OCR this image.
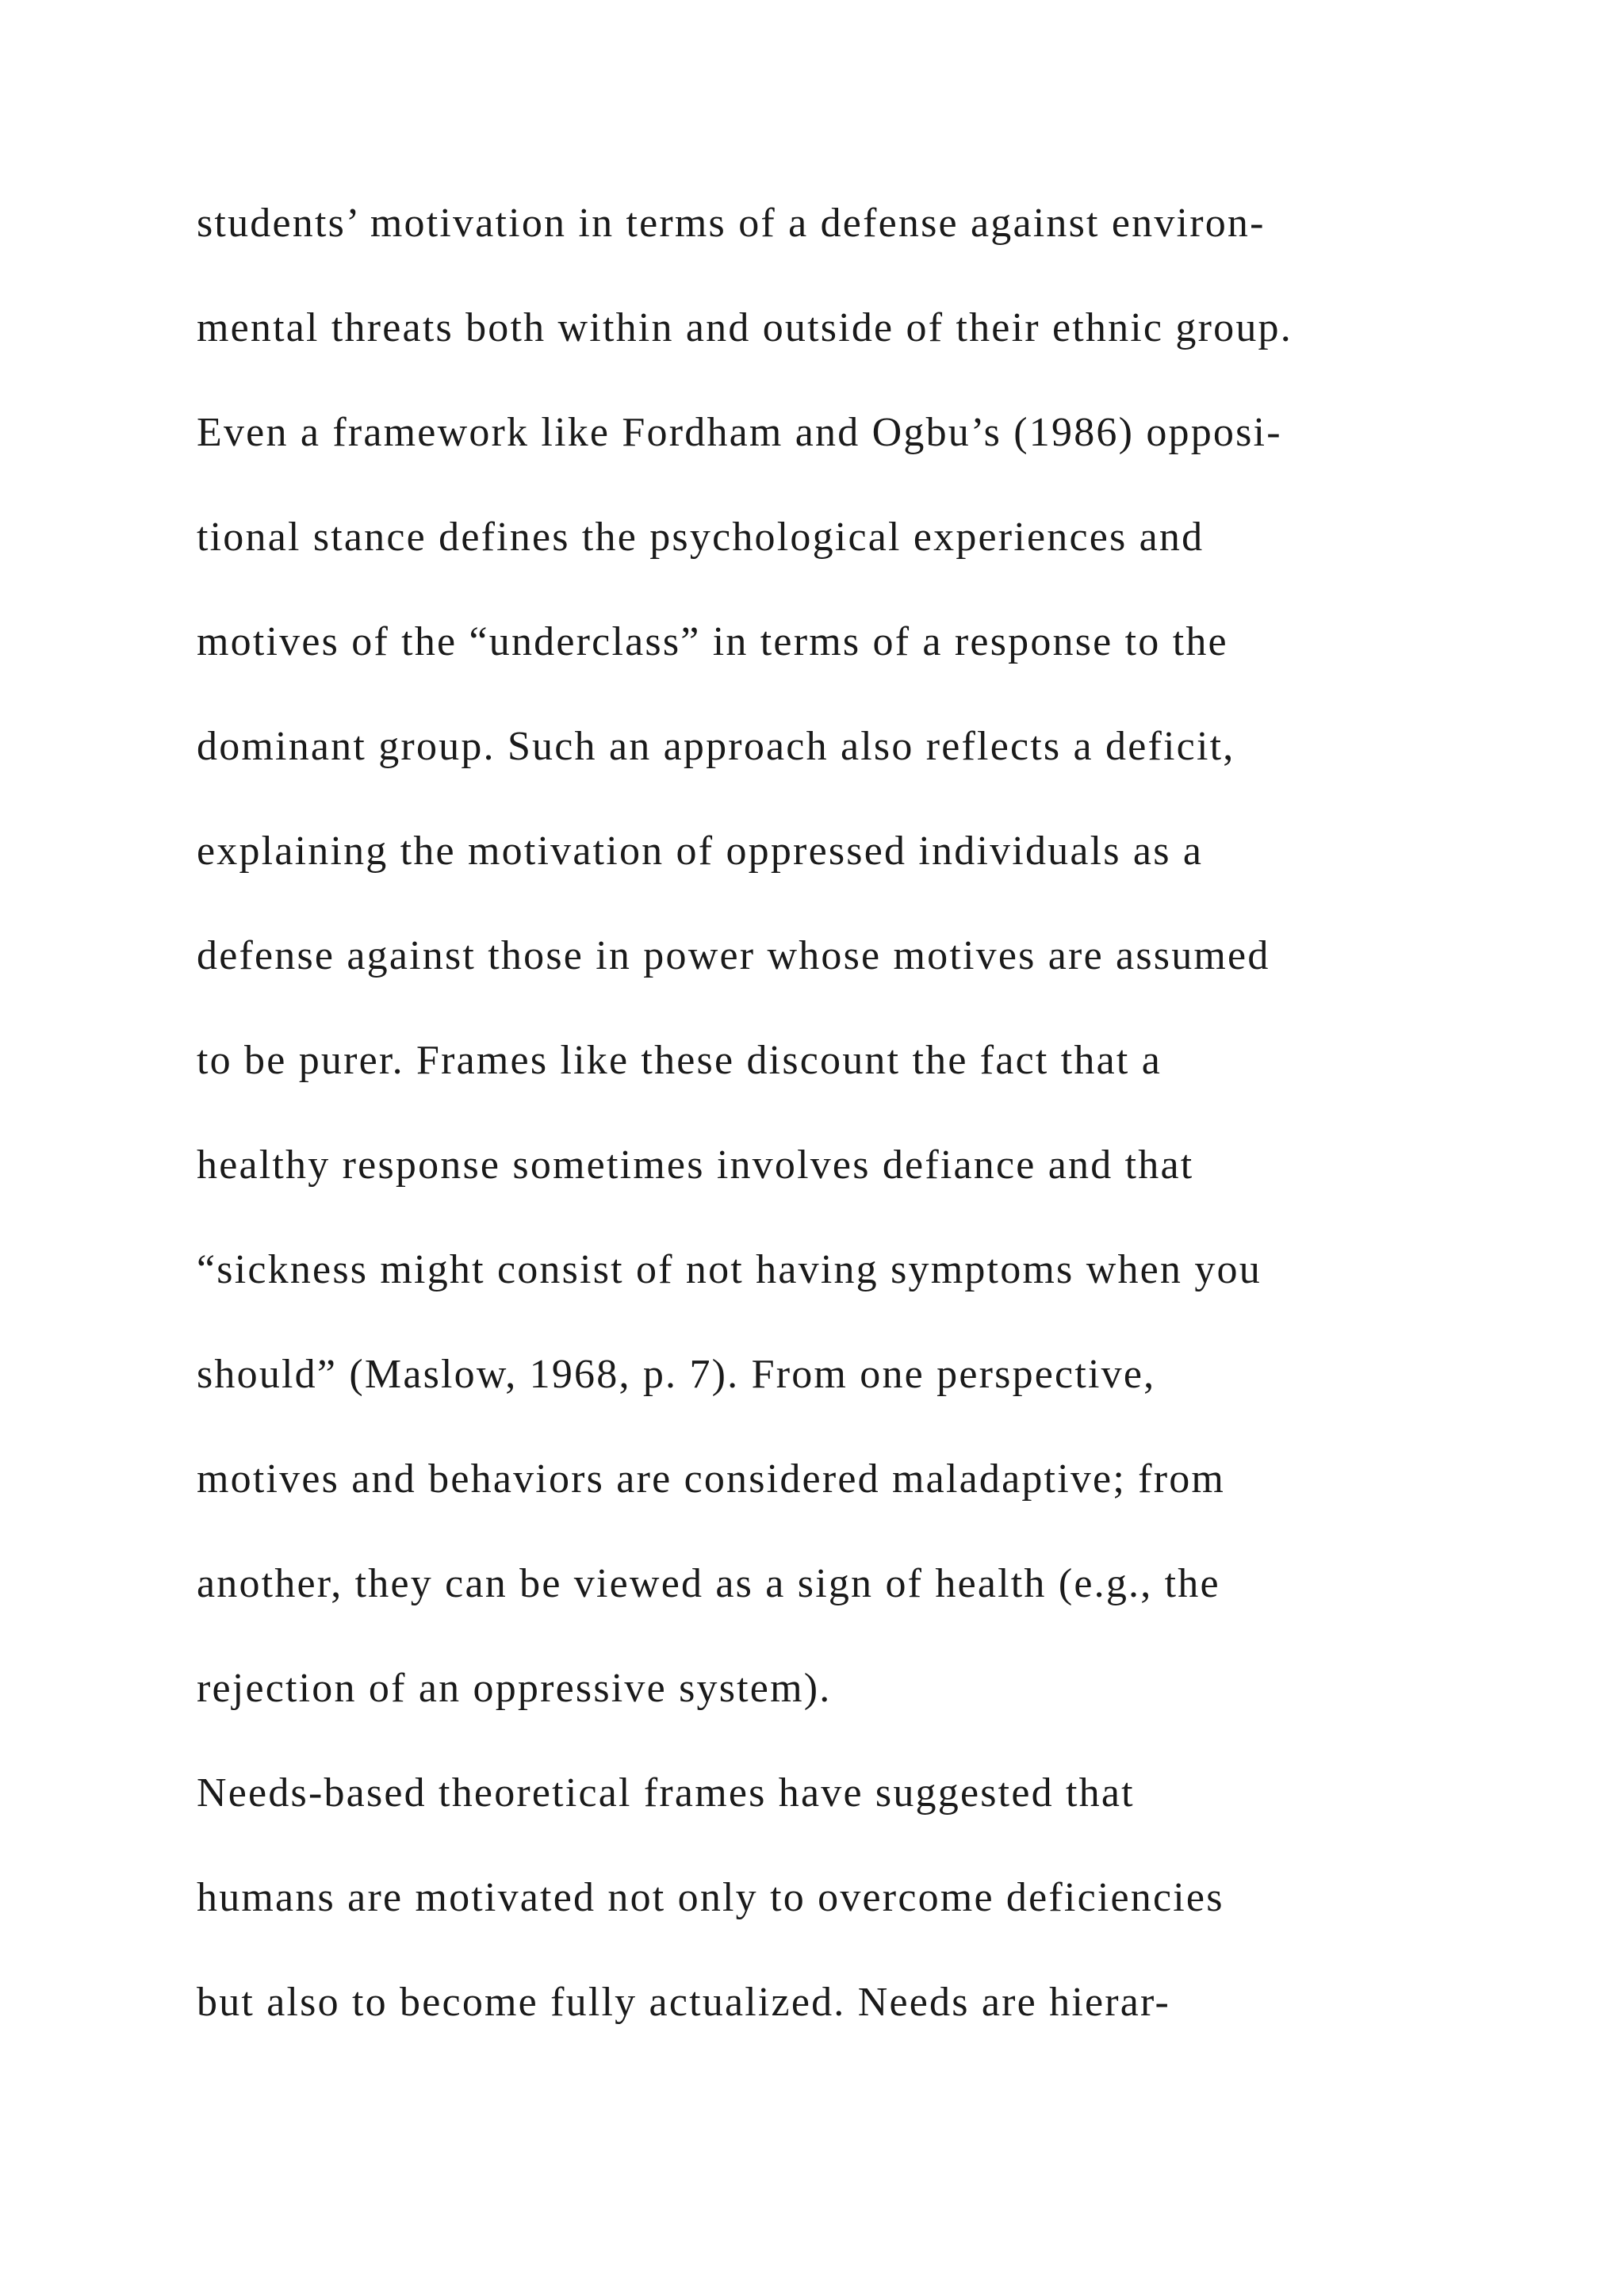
students’ motivation in terms of a defense against environ-
mental threats both within and outside of their ethnic group.
Even a framework like Fordham and Ogbu’s (1986) opposi-
tional stance defines the psychological experiences and
motives of the “underclass” in terms of a response to the
dominant group. Such an approach also reflects a deficit,
explaining the motivation of oppressed individuals as a
defense against those in power whose motives are assumed
to be purer. Frames like these discount the fact that a
healthy response sometimes involves defiance and that
“sickness might consist of not having symptoms when you
should” (Maslow, 1968, p. 7). From one perspective,
motives and behaviors are considered maladaptive; from
another, they can be viewed as a sign of health (e.g., the
rejection of an oppressive system).
Needs-based theoretical frames have suggested that
humans are motivated not only to overcome deficiencies
but also to become fully actualized. Needs are hierar-
